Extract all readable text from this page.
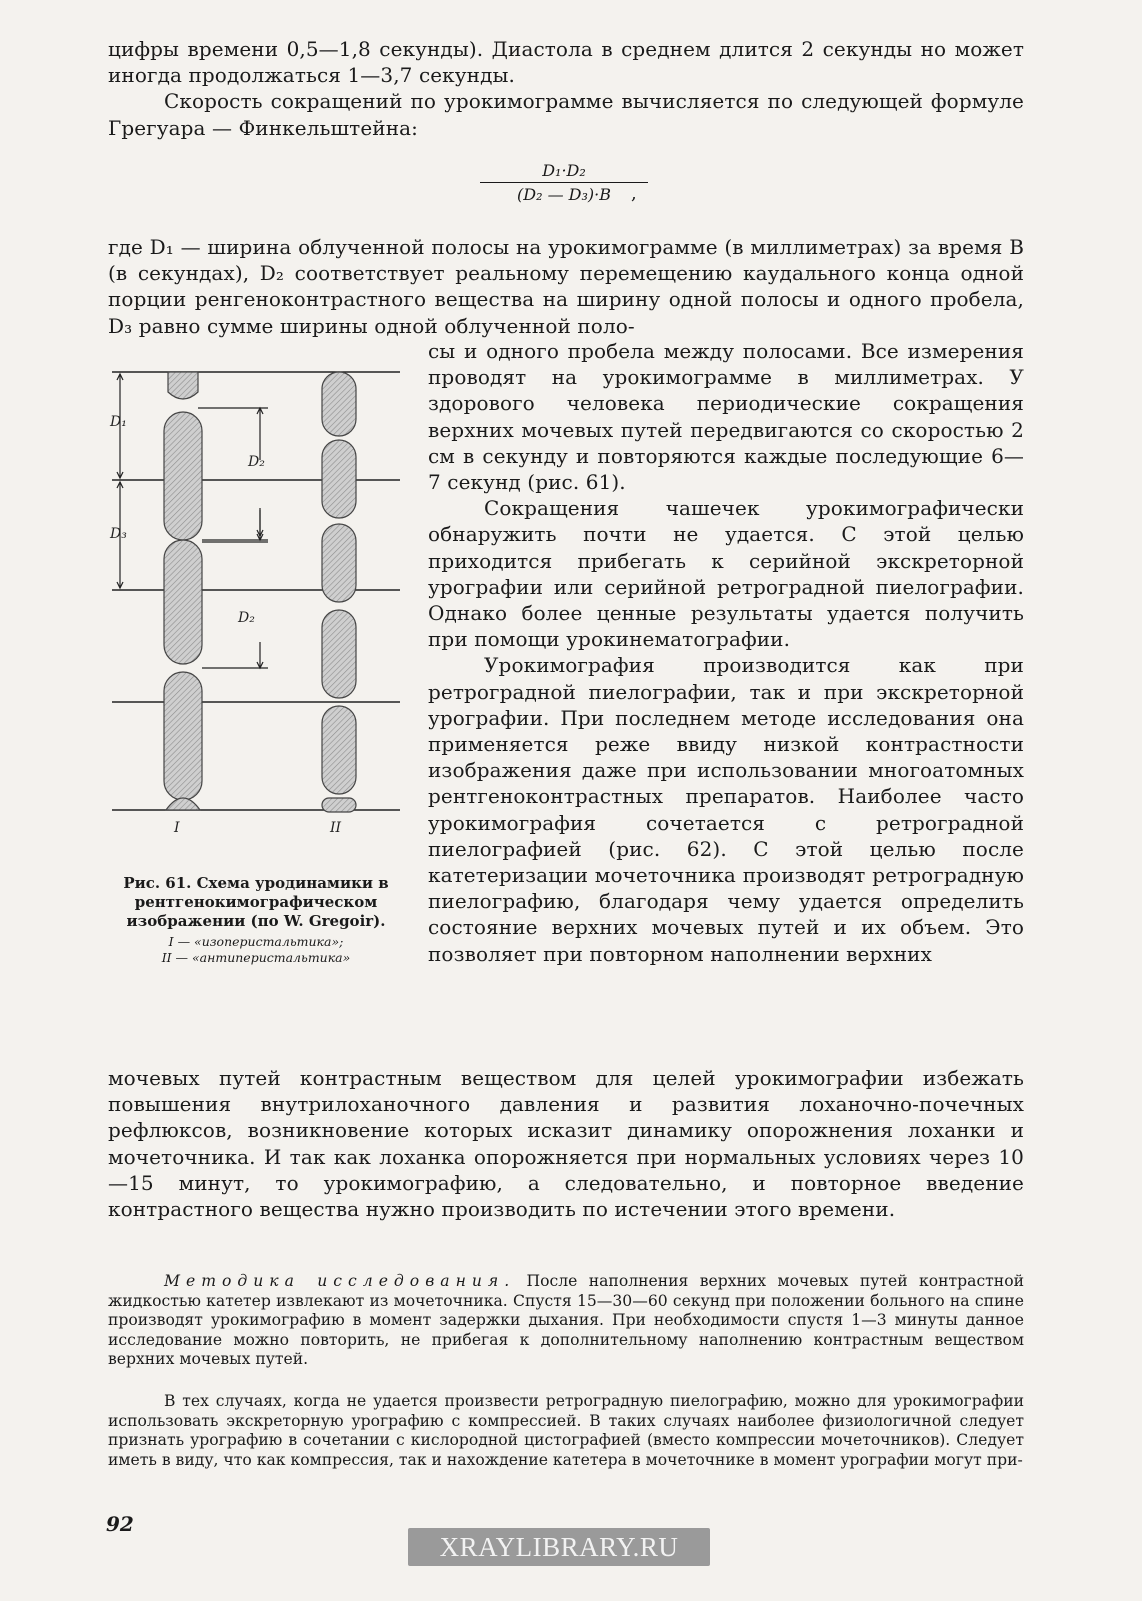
цифры времени 0,5—1,8 секунды). Диастола в среднем длится 2 секунды но может иногда продолжаться 1—3,7 секунды.

Скорость сокращений по урокимограмме вычисляется по следующей формуле Грегуара — Финкельштейна:

$\frac{\text{D₁·D₂}}{\text{(D₂ — D₃)·B}}$
,

где D₁ — ширина облученной полосы на урокимограмме (в миллиметрах) за время B (в секундах), D₂ соответствует реальному перемещению каудального конца одной порции ренгеноконтрастного вещества на ширину одной полосы и одного пробела, D₃ равно сумме ширины одной облученной поло-

сы и одного пробела между полосами. Все измерения проводят на урокимограмме в миллиметрах. У здорового человека периодические сокращения верхних мочевых путей передвигаются со скоростью 2 см в секунду и повторяются каждые последующие 6—7 секунд (рис. 61).

Сокращения чашечек урокимографически обнаружить почти не удается. С этой целью приходится прибегать к серийной экскреторной урографии или серийной ретроградной пиелографии. Однако более ценные результаты удается получить при помощи урокинематографии.

Урокимография производится как при ретроградной пиелографии, так и при экскреторной урографии. При последнем методе исследования она применяется реже ввиду низкой контрастности изображения даже при использовании многоатомных рентгеноконтрастных препаратов. Наиболее часто урокимография сочетается с ретроградной пиелографией (рис. 62). С этой целью после катетеризации мочеточника производят ретроградную пиелографию, благодаря чему удается определить состояние верхних мочевых путей и их объем. Это позволяет при повторном наполнении верхних

D₁
D₂
D₃
D₂
I	II
Рис. 61. Схема уродинамики в рентгенокимографическом изображении (по W. Gregoir).
I — «изоперистальтика»;
II — «антиперистальтика»

мочевых путей контрастным веществом для целей урокимографии избежать повышения внутрилоханочного давления и развития лоханочно-почечных рефлюксов, возникновение которых исказит динамику опорожнения лоханки и мочеточника. И так как лоханка опорожняется при нормальных условиях через 10—15 минут, то урокимографию, а следовательно, и повторное введение контрастного вещества нужно производить по истечении этого времени.

Методика исследования. После наполнения верхних мочевых путей контрастной жидкостью катетер извлекают из мочеточника. Спустя 15—30—60 секунд при положении больного на спине производят урокимографию в момент задержки дыхания. При необходимости спустя 1—3 минуты данное исследование можно повторить, не прибегая к дополнительному наполнению контрастным веществом верхних мочевых путей.

В тех случаях, когда не удается произвести ретроградную пиелографию, можно для урокимографии использовать экскреторную урографию с компрессией. В таких случаях наиболее физиологичной следует признать урографию в сочетании с кислородной цистографией (вместо компрессии мочеточников). Следует иметь в виду, что как компрессия, так и нахождение катетера в мочеточнике в момент урографи‍и могут при-

92
XRAYLIBRARY.RU
